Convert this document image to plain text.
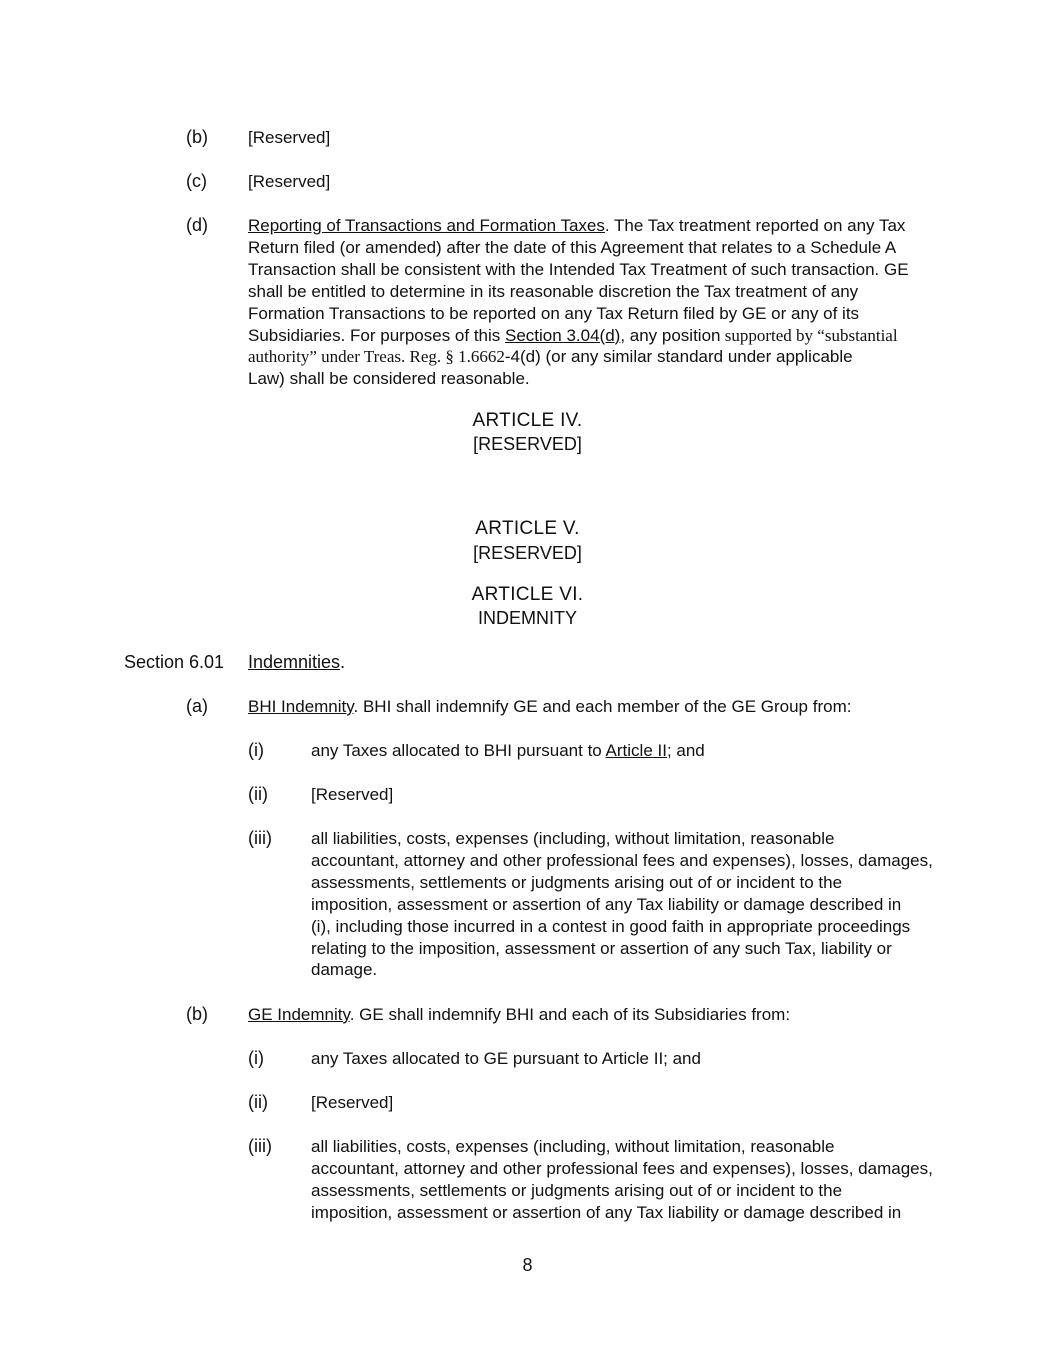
(b) [Reserved]
(c) [Reserved]
(d) Reporting of Transactions and Formation Taxes. The Tax treatment reported on any Tax
Return filed (or amended) after the date of this Agreement that relates to a Schedule A
Transaction shall be consistent with the Intended Tax Treatment of such transaction. GE
shall be entitled to determine in its reasonable discretion the Tax treatment of any
Formation Transactions to be reported on any Tax Return filed by GE or any of its
Subsidiaries. For purposes of this Section 3.04(d), any position supported by “substantial
authority” under Treas. Reg. § 1.6662-4(d) (or any similar standard under applicable
Law) shall be considered reasonable.
ARTICLE IV.
[RESERVED]
ARTICLE V.
[RESERVED]
ARTICLE VI.
INDEMNITY
Section 6.01 Indemnities.
(a) BHI Indemnity. BHI shall indemnify GE and each member of the GE Group from:
(i)	any Taxes allocated to BHI pursuant to Article II; and
(ii)	[Reserved]
(iii) all liabilities, costs, expenses (including, without limitation, reasonable
accountant, attorney and other professional fees and expenses), losses, damages,
assessments, settlements or judgments arising out of or incident to the
imposition, assessment or assertion of any Tax liability or damage described in
(i), including those incurred in a contest in good faith in appropriate proceedings
relating to the imposition, assessment or assertion of any such Tax, liability or
damage.
(b) GE Indemnity. GE shall indemnify BHI and each of its Subsidiaries from:
(i)	any Taxes allocated to GE pursuant to Article II; and
(ii)	[Reserved]
(iii) all liabilities, costs, expenses (including, without limitation, reasonable
accountant, attorney and other professional fees and expenses), losses, damages,
assessments, settlements or judgments arising out of or incident to the
imposition, assessment or assertion of any Tax liability or damage described in
8
